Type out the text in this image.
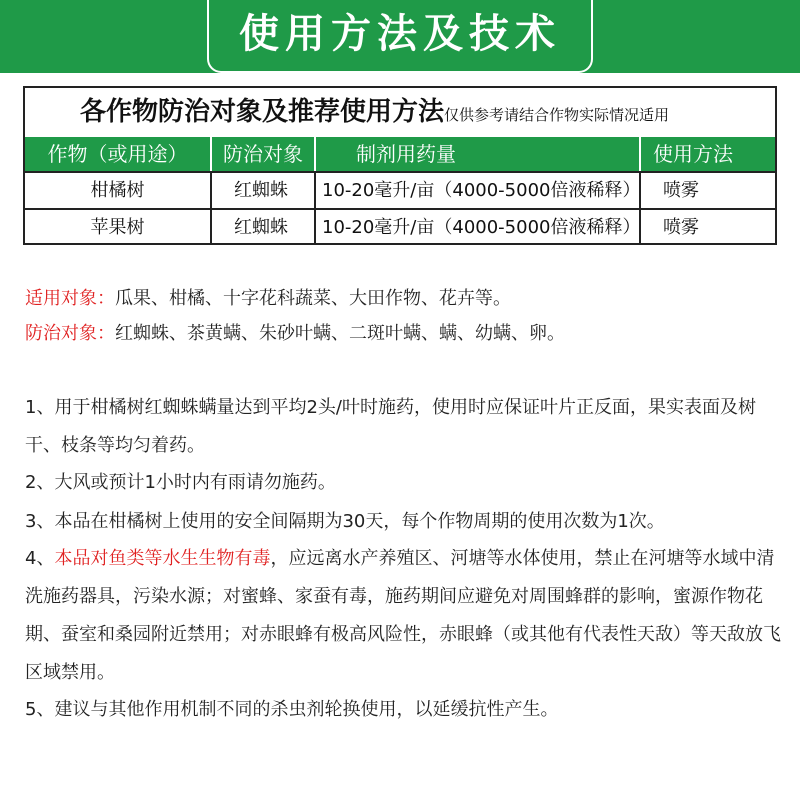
使用方法及技术
各作物防治对象及推荐使用方法仅供参考请结合作物实际情况适用
作物（或用途）	防治对象	制剂用药量	使用方法
柑橘树	红蜘蛛	10-20毫升/亩（4000-5000倍液稀释）	喷雾
苹果树	红蜘蛛	10-20毫升/亩（4000-5000倍液稀释）	喷雾
适用对象：瓜果、柑橘、十字花科蔬菜、大田作物、花卉等。
防治对象：红蜘蛛、茶黄螨、朱砂叶螨、二斑叶螨、螨、幼螨、卵。
1、用于柑橘树红蜘蛛螨量达到平均2头/叶时施药，使用时应保证叶片正反面，果实表面及树干、枝条等均匀着药。
2、大风或预计1小时内有雨请勿施药。
3、本品在柑橘树上使用的安全间隔期为30天，每个作物周期的使用次数为1次。
4、本品对鱼类等水生生物有毒，应远离水产养殖区、河塘等水体使用，禁止在河塘等水域中清洗施药器具，污染水源；对蜜蜂、家蚕有毒，施药期间应避免对周围蜂群的影响，蜜源作物花期、蚕室和桑园附近禁用；对赤眼蜂有极高风险性，赤眼蜂（或其他有代表性天敌）等天敌放飞区域禁用。
5、建议与其他作用机制不同的杀虫剂轮换使用，以延缓抗性产生。
